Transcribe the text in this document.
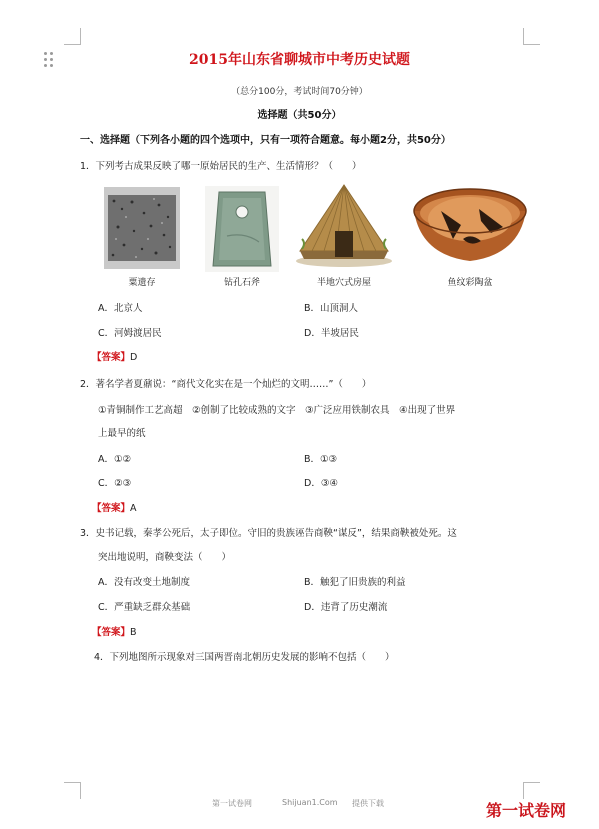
2015年山东省聊城市中考历史试题
（总分100分，考试时间70分钟）
选择题（共50分）
一、选择题（下列各小题的四个选项中，只有一项符合题意。每小题2分，共50分）
1．下列考古成果反映了哪一原始居民的生产、生活情形？（　　）
粟遗存	钻孔石斧	半地穴式房屋	鱼纹彩陶盆
A．北京人	B．山顶洞人
C．河姆渡居民	D．半坡居民
【答案】D
2．著名学者夏鼐说：“商代文化实在是一个灿烂的文明……”（　　）
①青铜制作工艺高超　②创制了比较成熟的文字　③广泛应用铁制农具　④出现了世界
上最早的纸
A．①②	B．①③
C．②③	D．③④
【答案】A
3．史书记载，秦孝公死后，太子即位。守旧的贵族诬告商鞅“谋反”，结果商鞅被处死。这
突出地说明，商鞅变法（　　）
A．没有改变土地制度	B．触犯了旧贵族的利益
C．严重缺乏群众基础	D．违背了历史潮流
【答案】B
4．下列地图所示现象对三国两晋南北朝历史发展的影响不包括（　　）
第一试卷网	Shijuan1.Com 提供下载	第一试卷网
